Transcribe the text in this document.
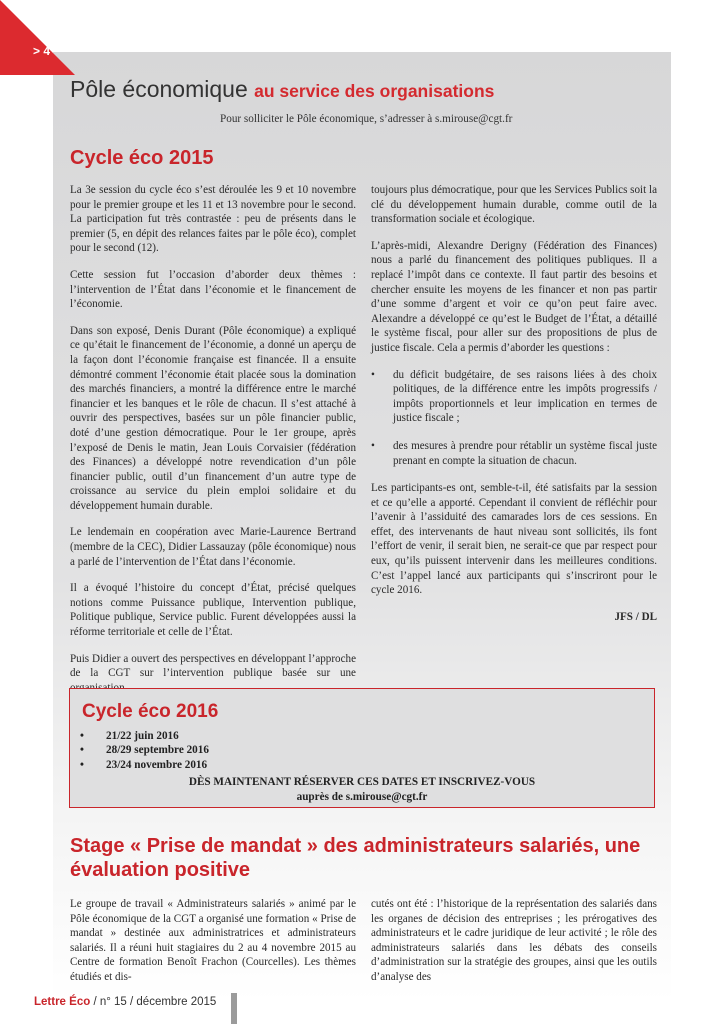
> 4
Pôle économique au service des organisations
Pour solliciter le Pôle économique, s’adresser à s.mirouse@cgt.fr
Cycle éco 2015

La 3e session du cycle éco s’est déroulée les 9 et 10 novembre pour le premier groupe et les 11 et 13 novembre pour le second. La participation fut très contrastée : peu de présents dans le premier (5, en dépit des relances faites par le pôle éco), complet pour le second (12).

Cette session fut l’occasion d’aborder deux thèmes : l’intervention de l’État dans l’économie et le financement de l’économie.

Dans son exposé, Denis Durant (Pôle économique) a expliqué ce qu’était le financement de l’économie, a donné un aperçu de la façon dont l’économie française est financée. Il a ensuite démontré comment l’économie était placée sous la domination des marchés financiers, a montré la différence entre le marché financier et les banques et le rôle de chacun. Il s’est attaché à ouvrir des perspectives, basées sur un pôle financier public, doté d’une gestion démocratique. Pour le 1er groupe, après l’exposé de Denis le matin, Jean Louis Corvaisier (fédération des Finances) a développé notre revendication d’un pôle financier public, outil d’un financement d’un autre type de croissance au service du plein emploi solidaire et du développement humain durable.

Le lendemain en coopération avec Marie-Laurence Bertrand (membre de la CEC), Didier Lassauzay (pôle économique) nous a parlé de l’intervention de l’État dans l’économie.

Il a évoqué l’histoire du concept d’État, précisé quelques notions comme Puissance publique, Intervention publique, Politique publique, Service public. Furent développées aussi la réforme territoriale et celle de l’État.

Puis Didier a ouvert des perspectives en développant l’approche de la CGT sur l’intervention publique basée sur une

toujours plus démocratique, pour que les Services Publics soit la clé du développement humain durable, comme outil de la transformation sociale et écologique.

L’après-midi, Alexandre Derigny (Fédération des Finances) nous a parlé du financement des politiques publiques. Il a replacé l’impôt dans ce contexte. Il faut partir des besoins et chercher ensuite les moyens de les financer et non pas partir d’une somme d’argent et voir ce qu’on peut faire avec. Alexandre a développé ce qu’est le Budget de l’État, a détaillé le système fiscal, pour aller sur des propositions de plus de justice fiscale. Cela a permis d’aborder les questions :

• du déficit budgétaire, de ses raisons liées à des choix politiques, de la différence entre les impôts progressifs / impôts proportionnels et leur implication en termes de justice fiscale ;
• des mesures à prendre pour rétablir un système fiscal juste prenant en compte la situation de chacun.

Les participants-es ont, semble-t-il, été satisfaits par la session et ce qu’elle a apporté. Cependant il convient de réfléchir pour l’avenir à l’assiduité des camarades lors de ces sessions. En effet, des intervenants de haut niveau sont sollicités, ils font l’effort de venir, il serait bien, ne serait-ce que par respect pour eux, qu’ils puissent intervenir dans les meilleures conditions. C’est l’appel lancé aux participants qui s’inscriront pour le cycle 2016.

JFS / DL
Cycle éco 2016
• 21/22 juin 2016
• 28/29 septembre 2016
• 23/24 novembre 2016
DÈS MAINTENANT RÉSERVER CES DATES ET INSCRIVEZ-VOUS
auprès de s.mirouse@cgt.fr
Stage « Prise de mandat » des administrateurs salariés, une évaluation positive

Le groupe de travail « Administrateurs salariés » animé par le Pôle économique de la CGT a organisé une formation « Prise de mandat » destinée aux administratrices et administrateurs salariés. Il a réuni huit stagiaires du 2 au 4 novembre 2015 au Centre de formation Benoît Frachon (Courcelles). Les thèmes étudiés et dis-

cutés ont été : l’historique de la représentation des salariés dans les organes de décision des entreprises ; les prérogatives des administrateurs et le cadre juridique de leur activité ; le rôle des administrateurs salariés dans les débats des conseils d’administration sur la stratégie des groupes, ainsi que les outils d’analyse des

Lettre Éco / n° 15 / décembre 2015
